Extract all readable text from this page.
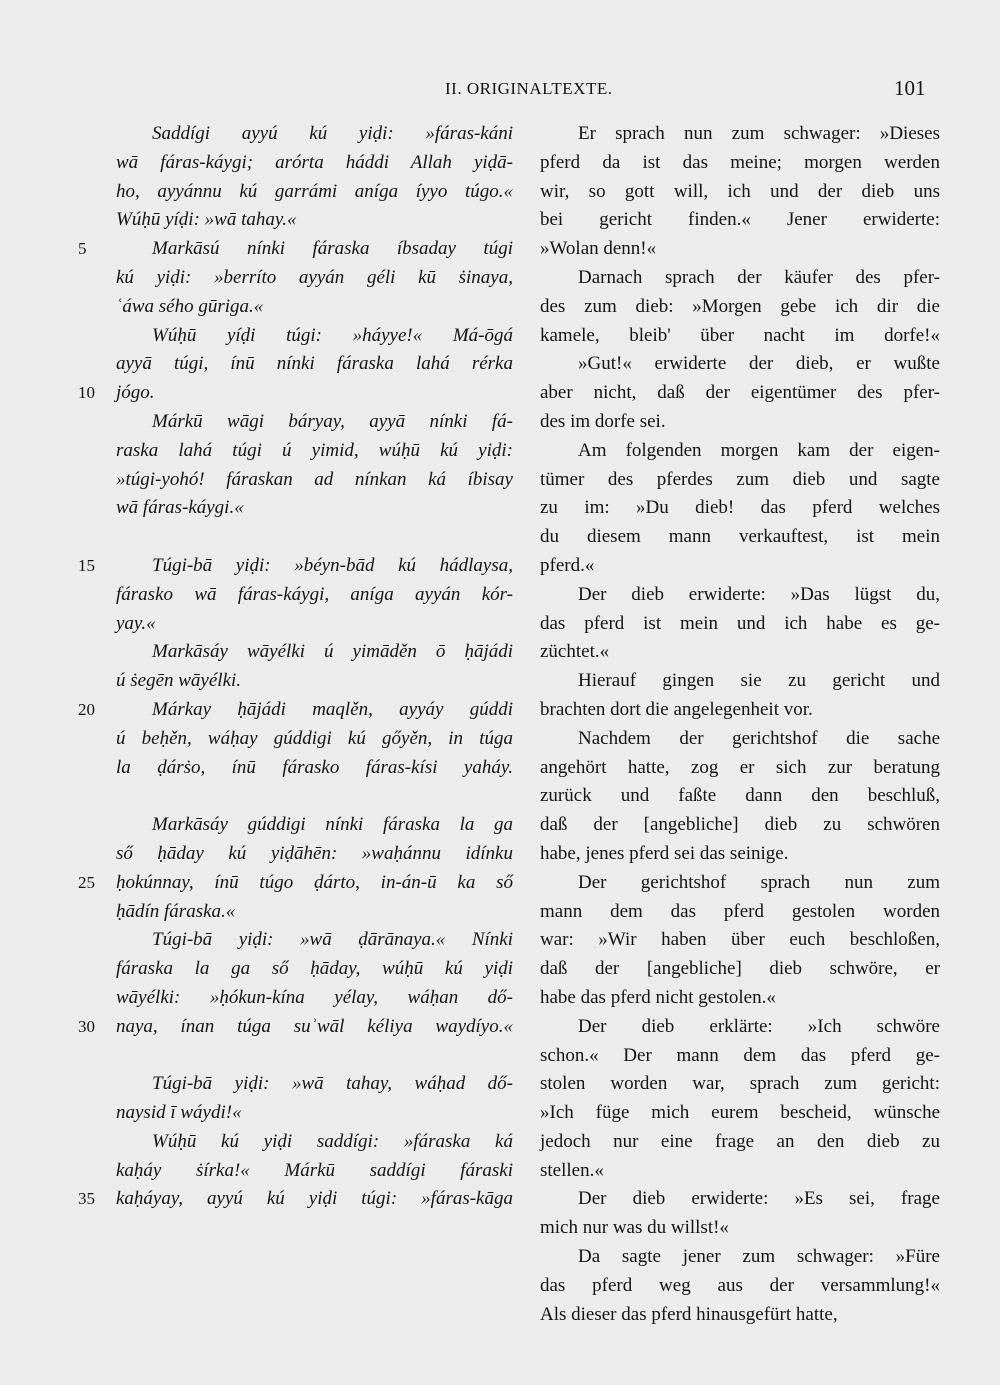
II. ORIGINALTEXTE.	101
Saddígi ayyú kú yiḍi: »fáras-káni
wā fáras-káygi; arórta háddi Allah yiḍā-
ho, ayyánnu kú garrámi aníga íyyo túgo.«
Wúḥū yíḍi: »wā tahay.«
5	Markāsú nínki fáraska íbsaday túgi
kú yiḍi: »berríto ayyán géli kū ṡinaya,
ʿáwa sého gūriga.«
Wúḥū yíḍi túgi: »háyye!« Má-ōgá
ayyā túgi, ínū nínki fáraska lahá rérka
10	jógo.
Márkū wāgi báryay, ayyā nínki fá-
raska lahá túgi ú yimid, wúḥū kú yiḍi:
»túgi-yohó! fáraskan ad nínkan ká íbisay
wā fáras-káygi.«
15	Túgi-bā yiḍi: »béyn-bād kú hádlaysa,
fárasko wā fáras-káygi, aníga ayyán kór-
yay.«
Markāsáy wāyélki ú yimāděn ō ḥājádi
ú ṡegēn wāyélki.
20	Márkay ḥājádi maqlěn, ayyáy gúddi
ú beḥěn, wáḥay gúddigi kú gőyěn, in túga
la ḍárṡo, ínū fárasko fáras-kísi yaháy.
Markāsáy gúddigi nínki fáraska la ga
ső ḥāday kú yiḍāhēn: »waḥánnu idínku
25	ḥokúnnay, ínū túgo ḍárto, in-án-ū ka ső
ḥādín fáraska.«
Túgi-bā yiḍi: »wā ḍārānaya.« Nínki
fáraska la ga ső ḥāday, wúḥū kú yiḍi
wāyélki: »ḥókun-kína yélay, wáḥan dő-
30	naya, ínan túga suʾwāl kéliya waydíyo.«
Túgi-bā yiḍi: »wā tahay, wáḥad dő-
naysid ī wáydi!«
Wúḥū kú yiḍi saddígi: »fáraska ká
kaḥáy ṡírka!« Márkū saddígi fáraski
35	kaḥáyay, ayyú kú yiḍi túgi: »fáras-kāga
Er sprach nun zum schwager: »Dieses
pferd da ist das meine; morgen werden
wir, so gott will, ich und der dieb uns
bei gericht finden.« Jener erwiderte:
»Wolan denn!«
Darnach sprach der käufer des pfer-
des zum dieb: »Morgen gebe ich dir die
kamele, bleib' über nacht im dorfe!«
»Gut!« erwiderte der dieb, er wußte
aber nicht, daß der eigentümer des pfer-
des im dorfe sei.
Am folgenden morgen kam der eigen-
tümer des pferdes zum dieb und sagte
zu im: »Du dieb! das pferd welches
du diesem mann verkauftest, ist mein
pferd.«
Der dieb erwiderte: »Das lügst du,
das pferd ist mein und ich habe es ge-
züchtet.«
Hierauf gingen sie zu gericht und
brachten dort die angelegenheit vor.
Nachdem der gerichtshof die sache
angehört hatte, zog er sich zur beratung
zurück und faßte dann den beschluß,
daß der [angebliche] dieb zu schwören
habe, jenes pferd sei das seinige.
Der gerichtshof sprach nun zum
mann dem das pferd gestolen worden
war: »Wir haben über euch beschloßen,
daß der [angebliche] dieb schwöre, er
habe das pferd nicht gestolen.«
Der dieb erklärte: »Ich schwöre
schon.« Der mann dem das pferd ge-
stolen worden war, sprach zum gericht:
»Ich füge mich eurem bescheid, wünsche
jedoch nur eine frage an den dieb zu
stellen.«
Der dieb erwiderte: »Es sei, frage
mich nur was du willst!«
Da sagte jener zum schwager: »Füre
das pferd weg aus der versammlung!«
Als dieser das pferd hinausgefürt hatte,
